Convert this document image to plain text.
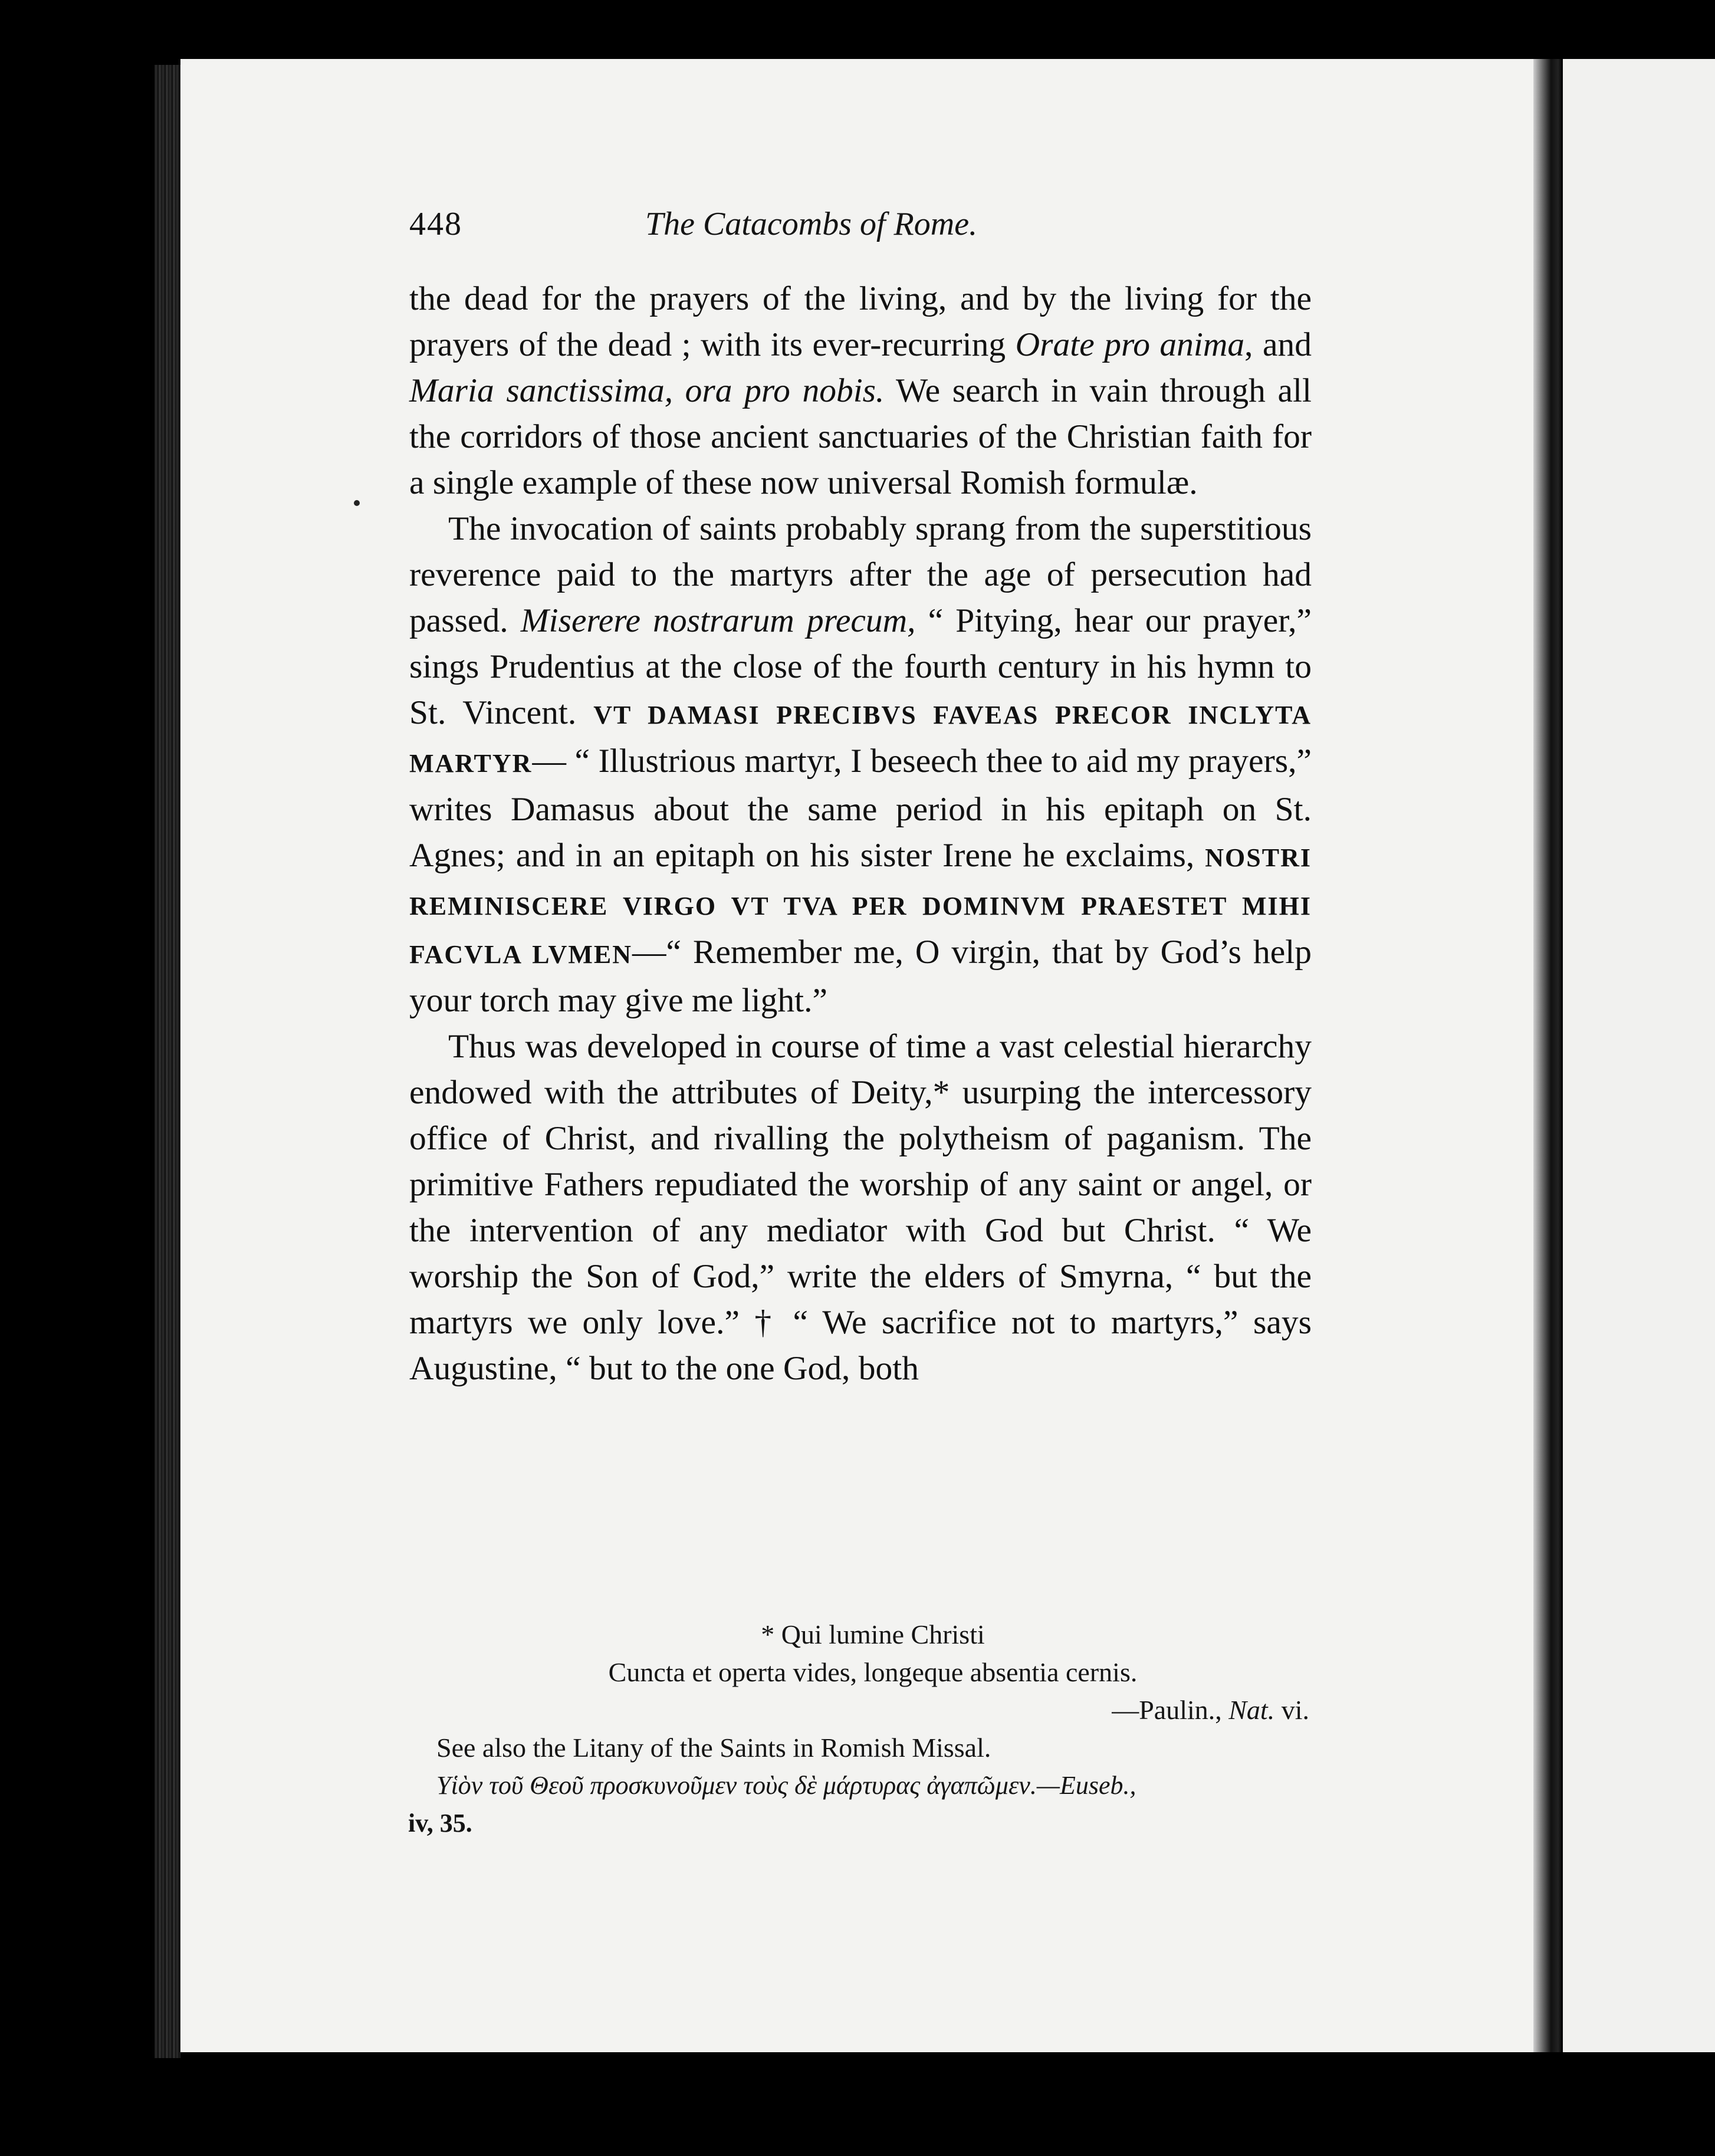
448	The Catacombs of Rome.

the dead for the prayers of the living, and by the living for the prayers of the dead ; with its ever-recurring Orate pro anima, and Maria sanctissima, ora pro nobis. We search in vain through all the corridors of those ancient sanctuaries of the Christian faith for a single example of these now universal Romish formulæ.

The invocation of saints probably sprang from the superstitious reverence paid to the martyrs after the age of persecution had passed. Miserere nostrarum precum, “ Pitying, hear our prayer,” sings Prudentius at the close of the fourth century in his hymn to St. Vincent. VT DAMASI PRECIBVS FAVEAS PRECOR INCLYTA MARTYR— “ Illustrious martyr, I beseech thee to aid my prayers,” writes Damasus about the same period in his epitaph on St. Agnes; and in an epitaph on his sister Irene he exclaims, NOSTRI REMINISCERE VIRGO VT TVA PER DOMINVM PRAESTET MIHI FACVLA LVMEN—“ Remember me, O virgin, that by God’s help your torch may give me light.”

Thus was developed in course of time a vast celestial hierarchy endowed with the attributes of Deity,* usurping the intercessory office of Christ, and rivalling the polytheism of paganism. The primitive Fathers repudiated the worship of any saint or angel, or the intervention of any mediator with God but Christ. “ We worship the Son of God,” write the elders of Smyrna, “ but the martyrs we only love.” † “ We sacrifice not to martyrs,” says Augustine, “ but to the one God, both

* Qui lumine Christi
Cuncta et operta vides, longeque absentia cernis.
—Paulin., Nat. vi.
See also the Litany of the Saints in Romish Missal.
Υἱὸν τοῦ Θεοῦ προσκυνοῦμεν τοὺς δὲ μάρτυρας ἀγαπῶμεν.—Euseb.,
iv, 35.
